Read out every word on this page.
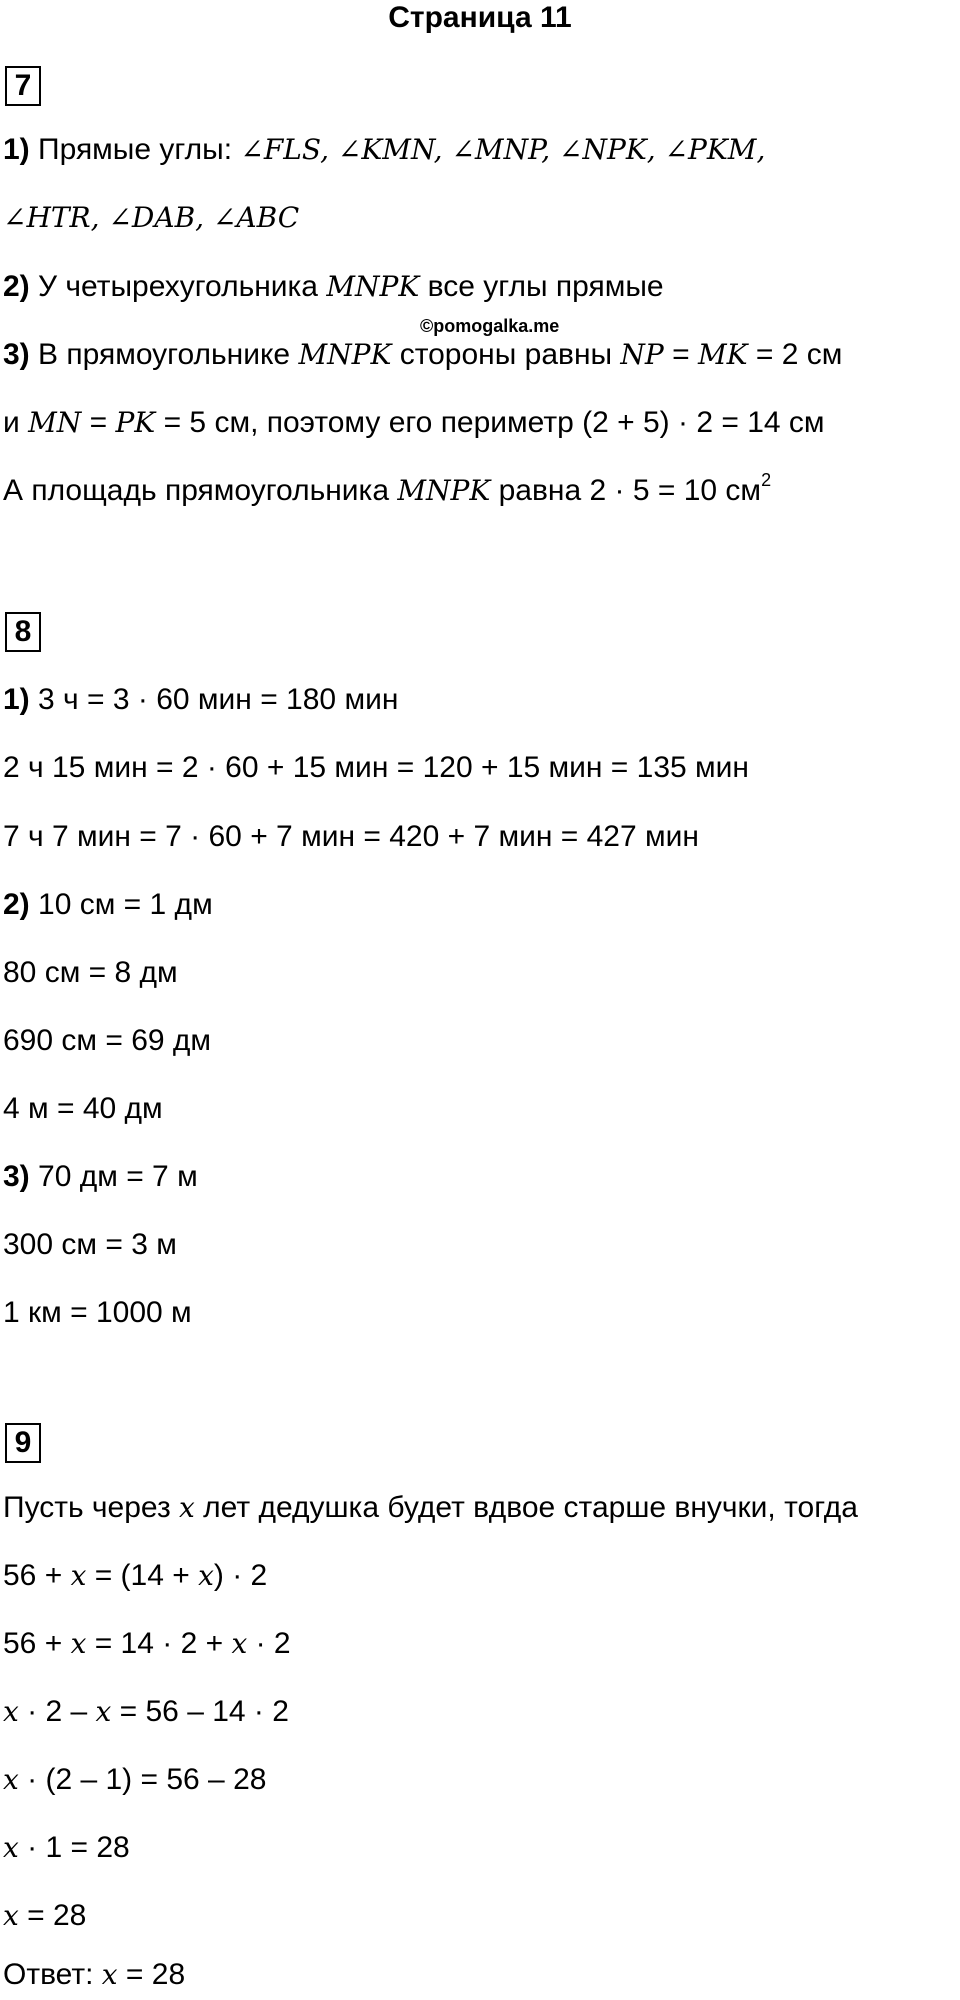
Страница 11
7
1) Прямые углы: ∠FLS, ∠KMN, ∠MNP, ∠NPK, ∠PKM,
∠HTR, ∠DAB, ∠ABC
2) У четырехугольника MNPK все углы прямые
©pomogalka.me
3) В прямоугольнике MNPK стороны равны NP = MK = 2 см
и MN = PK = 5 см, поэтому его периметр (2 + 5) · 2 = 14 см
А площадь прямоугольника MNPK равна 2 · 5 = 10 $см^2$
8
1) 3 ч = 3 · 60 мин = 180 мин
2 ч 15 мин = 2 · 60 + 15 мин = 120 + 15 мин = 135 мин
7 ч 7 мин = 7 · 60 + 7 мин = 420 + 7 мин = 427 мин
2) 10 см = 1 дм
80 см = 8 дм
690 см = 69 дм
4 м = 40 дм
3) 70 дм = 7 м
300 см = 3 м
1 км = 1000 м
9
Пусть через x лет дедушка будет вдвое старше внучки, тогда
56 + x = (14 + x) · 2
56 + x = 14 · 2 + x · 2
x · 2 – x = 56 – 14 · 2
x · (2 – 1) = 56 – 28
x · 1 = 28
x = 28
Ответ: x = 28
